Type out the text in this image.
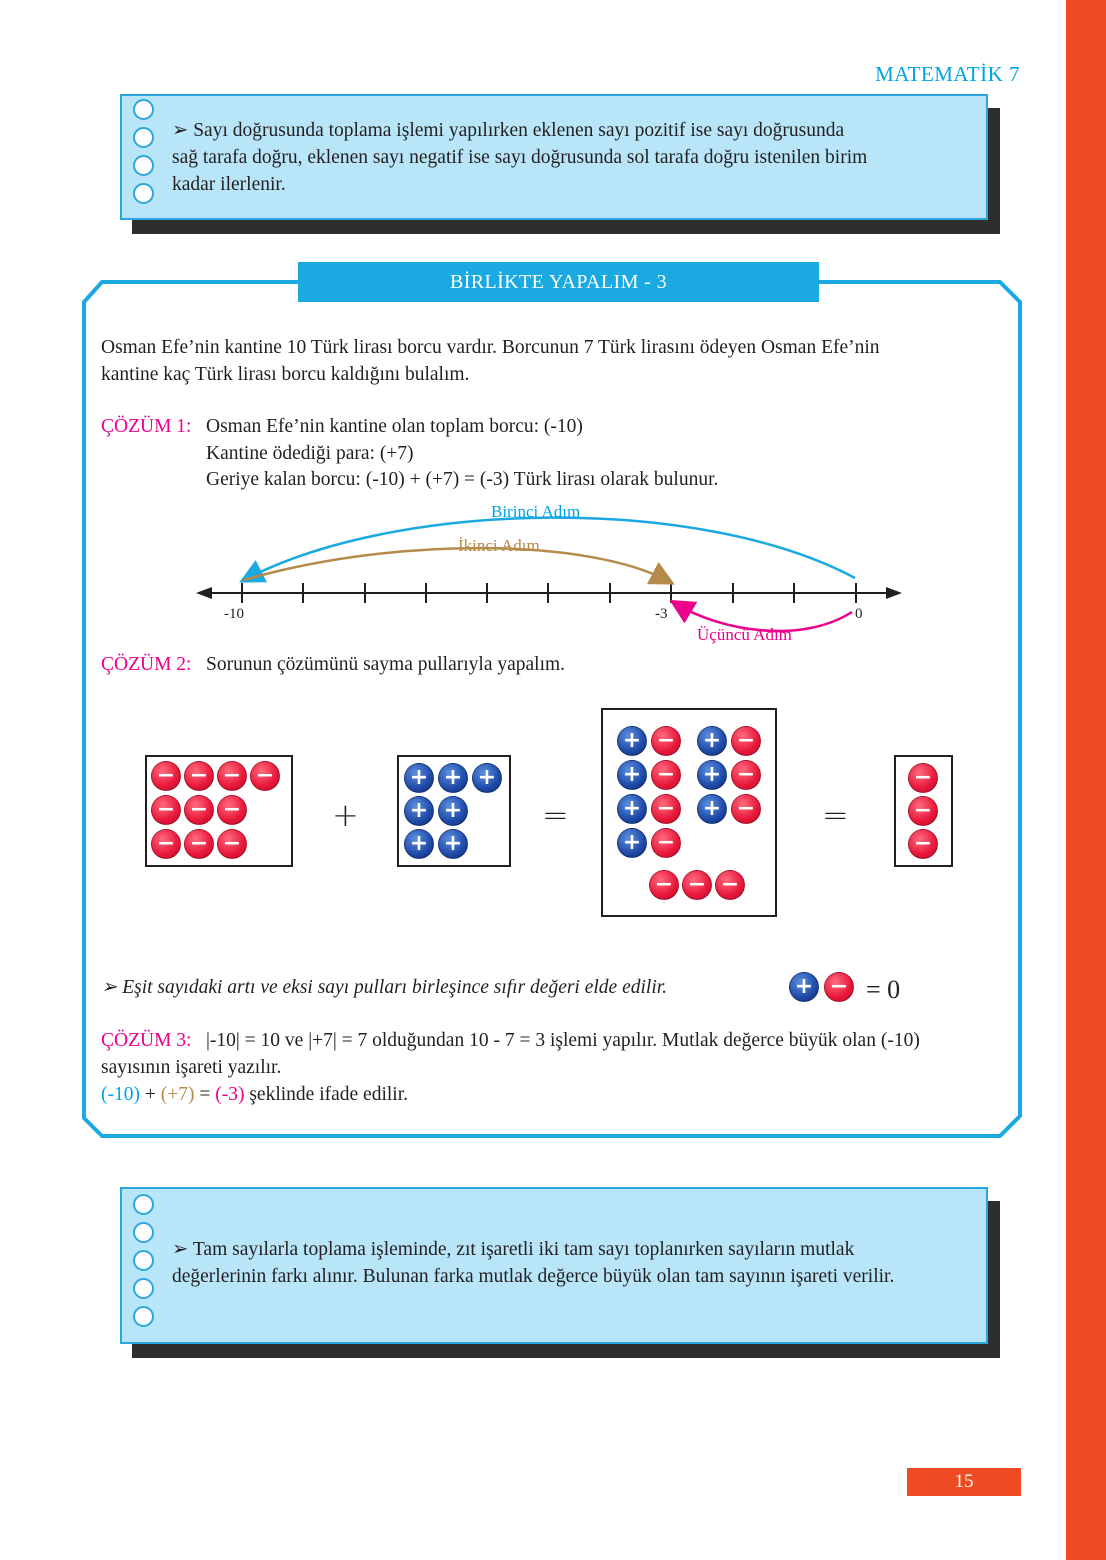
MATEMATİK 7
➢ Sayı doğrusunda toplama işlemi yapılırken eklenen sayı pozitif ise sayı doğrusunda
sağ tarafa doğru, eklenen sayı negatif ise sayı doğrusunda sol tarafa doğru istenilen birim
kadar ilerlenir.
BİRLİKTE YAPALIM - 3
Osman Efe’nin kantine 10 Türk lirası borcu vardır. Borcunun 7 Türk lirasını ödeyen Osman Efe’nin
kantine kaç Türk lirası borcu kaldığını bulalım.
ÇÖZÜM 1: Osman Efe’nin kantine olan toplam borcu: (-10)
Kantine ödediği para: (+7)
Geriye kalan borcu: (-10) + (+7) = (-3) Türk lirası olarak bulunur.
-10	-3	0
Birinci Adım
İkinci Adım
Üçüncü Adım
ÇÖZÜM 2: Sorunun çözümünü sayma pullarıyla yapalım.
− − − −
− − −
− − −
+
+ + +
+ +
+ +
=
+ − + −
+ − + −
+ − + −
+ −
− − −
=
−
−
−
➢ Eşit sayıdaki artı ve eksi sayı pulları birleşince sıfır değeri elde edilir.	+ − = 0
ÇÖZÜM 3: |-10| = 10 ve |+7| = 7 olduğundan 10 - 7 = 3 işlemi yapılır. Mutlak değerce büyük olan (-10)
sayısının işareti yazılır.
(-10) + (+7) = (-3) şeklinde ifade edilir.
➢ Tam sayılarla toplama işleminde, zıt işaretli iki tam sayı toplanırken sayıların mutlak
değerlerinin farkı alınır. Bulunan farka mutlak değerce büyük olan tam sayının işareti verilir.
15
